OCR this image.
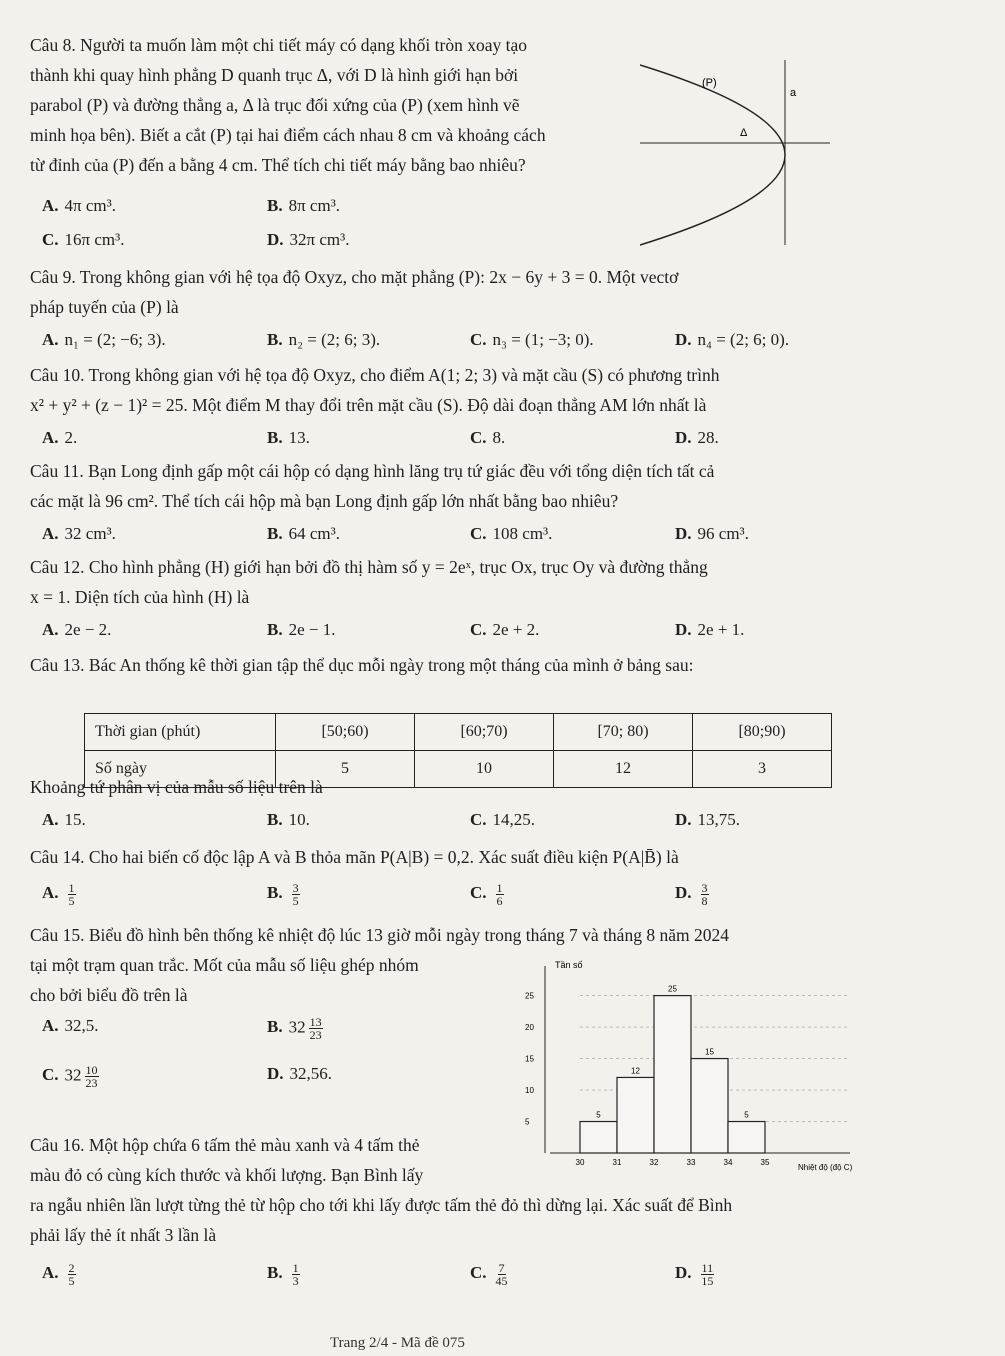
Câu 8. Người ta muốn làm một chi tiết máy có dạng khối tròn xoay tạo
thành khi quay hình phẳng D quanh trục Δ, với D là hình giới hạn bởi
parabol (P) và đường thẳng a, Δ là trục đối xứng của (P) (xem hình vẽ
minh họa bên). Biết a cắt (P) tại hai điểm cách nhau 8 cm và khoảng cách
từ đỉnh của (P) đến a bằng 4 cm. Thể tích chi tiết máy bằng bao nhiêu?
A. 4π cm³.	B. 8π cm³.
C. 16π cm³.	D. 32π cm³.
(P)
a
Δ
Câu 9. Trong không gian với hệ tọa độ Oxyz, cho mặt phẳng (P): 2x − 6y + 3 = 0. Một vectơ
pháp tuyến của (P) là
A. n₁ = (2; −6; 3).	B. n₂ = (2; 6; 3).	C. n₃ = (1; −3; 0).	D. n₄ = (2; 6; 0).
Câu 10. Trong không gian với hệ tọa độ Oxyz, cho điểm A(1; 2; 3) và mặt cầu (S) có phương trình
x² + y² + (z − 1)² = 25. Một điểm M thay đổi trên mặt cầu (S). Độ dài đoạn thẳng AM lớn nhất là
A. 2.	B. 13.	C. 8.	D. 28.
Câu 11. Bạn Long định gấp một cái hộp có dạng hình lăng trụ tứ giác đều với tổng diện tích tất cả
các mặt là 96 cm². Thể tích cái hộp mà bạn Long định gấp lớn nhất bằng bao nhiêu?
A. 32 cm³.	B. 64 cm³.	C. 108 cm³.	D. 96 cm³.
Câu 12. Cho hình phẳng (H) giới hạn bởi đồ thị hàm số y = 2eˣ, trục Ox, trục Oy và đường thẳng
x = 1. Diện tích của hình (H) là
A. 2e − 2.	B. 2e − 1.	C. 2e + 2.	D. 2e + 1.
Câu 13. Bác An thống kê thời gian tập thể dục mỗi ngày trong một tháng của mình ở bảng sau:
Thời gian (phút)	[50;60)	[60;70)	[70; 80)	[80;90)
Số ngày	5	10	12	3
Khoảng tứ phân vị của mẫu số liệu trên là
A. 15.	B. 10.	C. 14,25.	D. 13,75.
Câu 14. Cho hai biến cố độc lập A và B thỏa mãn P(A|B) = 0,2. Xác suất điều kiện P(A|B̄) là
A. $\frac{1}{5}$	B. $\frac{3}{5}$	C. $\frac{1}{6}$	D. $\frac{3}{8}$
Câu 15. Biểu đồ hình bên thống kê nhiệt độ lúc 13 giờ mỗi ngày trong tháng 7 và tháng 8 năm 2024
tại một trạm quan trắc. Mốt của mẫu số liệu ghép nhóm
cho bởi biểu đồ trên là
A. 32,5.	B. $32 \frac{13}{23}$
C. $32 \frac{10}{23}$	D. 32,56.
Tần số
Nhiệt độ (độ C)
5
10
15
20
25
5
12
25
15
5
30	31	32	33	34	35
Câu 16. Một hộp chứa 6 tấm thẻ màu xanh và 4 tấm thẻ
màu đỏ có cùng kích thước và khối lượng. Bạn Bình lấy
ra ngẫu nhiên lần lượt từng thẻ từ hộp cho tới khi lấy được tấm thẻ đỏ thì dừng lại. Xác suất để Bình
phải lấy thẻ ít nhất 3 lần là
A. $\frac{2}{5}$	B. $\frac{1}{3}$	C. $\frac{7}{45}$	D. $\frac{11}{15}$
Trang 2/4 - Mã đề 075
